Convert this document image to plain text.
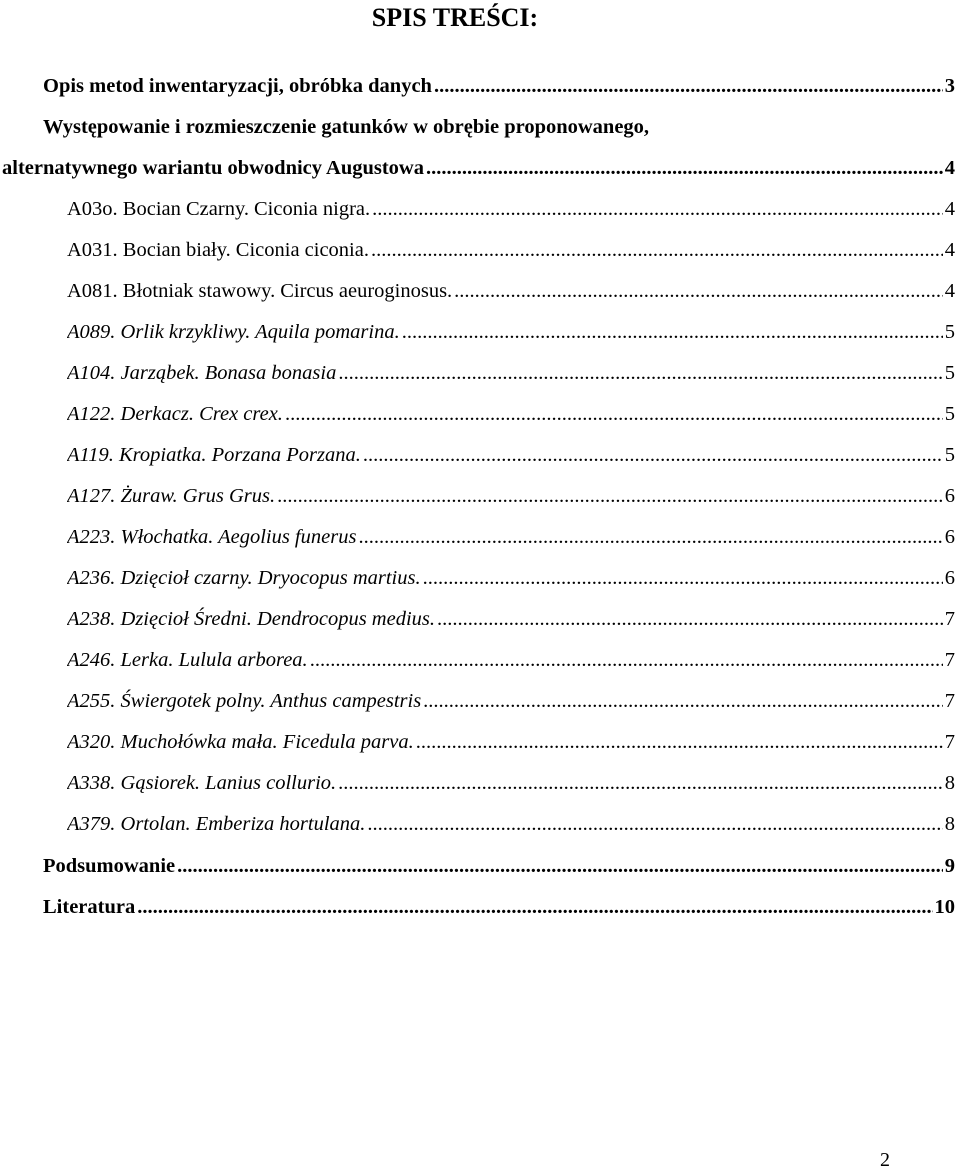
SPIS TREŚCI:
Opis metod inwentaryzacji, obróbka danych .....	3
Występowanie i rozmieszczenie gatunków w obrębie proponowanego,
alternatywnego wariantu obwodnicy Augustowa .....	4
A03o. Bocian Czarny. Ciconia nigra. .....	4
A031. Bocian biały. Ciconia ciconia. .....	4
A081. Błotniak stawowy. Circus aeuroginosus. .....	4
A089. Orlik krzykliwy. Aquila pomarina. .....	5
A104. Jarząbek. Bonasa bonasia .....	5
A122. Derkacz. Crex crex. .....	5
A119. Kropiatka. Porzana Porzana. .....	5
A127. Żuraw. Grus Grus. .....	6
A223. Włochatka. Aegolius funerus .....	6
A236. Dzięcioł czarny. Dryocopus martius. .....	6
A238. Dzięcioł Średni. Dendrocopus medius. .....	7
A246. Lerka. Lulula arborea. .....	7
A255. Świergotek polny. Anthus campestris .....	7
A320. Muchołówka mała. Ficedula parva. .....	7
A338. Gąsiorek. Lanius collurio. .....	8
A379. Ortolan. Emberiza hortulana. .....	8
Podsumowanie .....	9
Literatura .....	10
2
